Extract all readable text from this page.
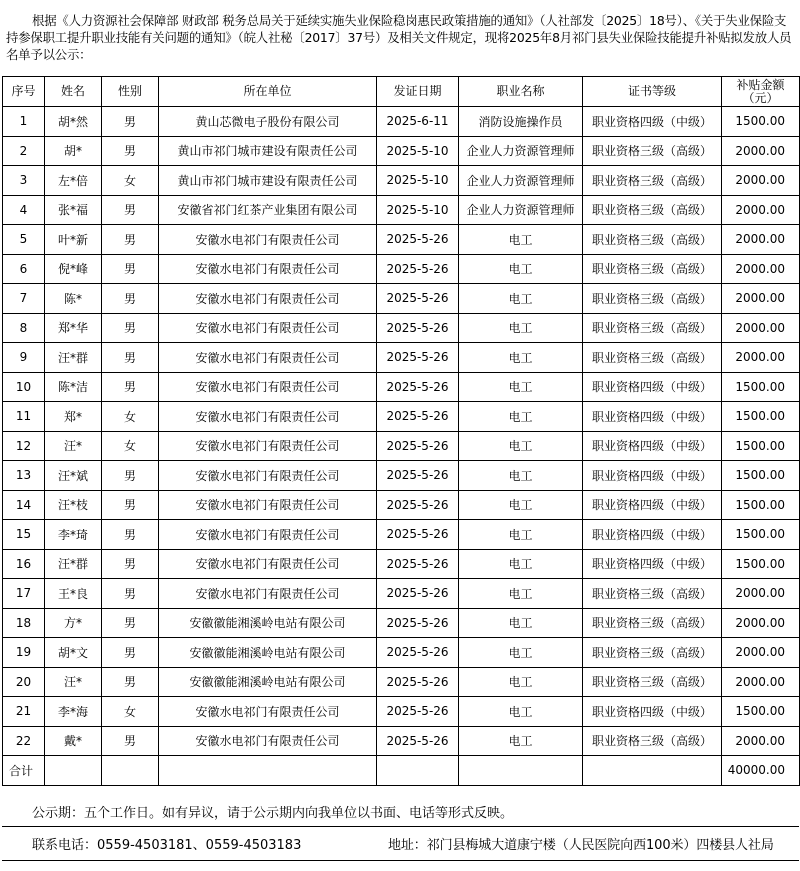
根据《人力资源社会保障部 财政部 税务总局关于延续实施失业保险稳岗惠民政策措施的通知》（人社部发〔2025〕18号）、《关于失业保险支持参保职工提升职业技能有关问题的通知》（皖人社秘〔2017〕37号）及相关文件规定，现将2025年8月祁门县失业保险技能提升补贴拟发放人员名单予以公示：
序号	姓名	性别	所在单位	发证日期	职业名称	证书等级	补贴金额（元）
1	胡*然	男	黄山芯微电子股份有限公司	2025-6-11	消防设施操作员	职业资格四级（中级）	1500.00
2	胡*	男	黄山市祁门城市建设有限责任公司	2025-5-10	企业人力资源管理师	职业资格三级（高级）	2000.00
3	左*倍	女	黄山市祁门城市建设有限责任公司	2025-5-10	企业人力资源管理师	职业资格三级（高级）	2000.00
4	张*福	男	安徽省祁门红茶产业集团有限公司	2025-5-10	企业人力资源管理师	职业资格三级（高级）	2000.00
5	叶*新	男	安徽水电祁门有限责任公司	2025-5-26	电工	职业资格三级（高级）	2000.00
6	倪*峰	男	安徽水电祁门有限责任公司	2025-5-26	电工	职业资格三级（高级）	2000.00
7	陈*	男	安徽水电祁门有限责任公司	2025-5-26	电工	职业资格三级（高级）	2000.00
8	郑*华	男	安徽水电祁门有限责任公司	2025-5-26	电工	职业资格三级（高级）	2000.00
9	汪*群	男	安徽水电祁门有限责任公司	2025-5-26	电工	职业资格三级（高级）	2000.00
10	陈*洁	男	安徽水电祁门有限责任公司	2025-5-26	电工	职业资格四级（中级）	1500.00
11	郑*	女	安徽水电祁门有限责任公司	2025-5-26	电工	职业资格四级（中级）	1500.00
12	汪*	女	安徽水电祁门有限责任公司	2025-5-26	电工	职业资格四级（中级）	1500.00
13	汪*斌	男	安徽水电祁门有限责任公司	2025-5-26	电工	职业资格四级（中级）	1500.00
14	汪*枝	男	安徽水电祁门有限责任公司	2025-5-26	电工	职业资格四级（中级）	1500.00
15	李*琦	男	安徽水电祁门有限责任公司	2025-5-26	电工	职业资格四级（中级）	1500.00
16	汪*群	男	安徽水电祁门有限责任公司	2025-5-26	电工	职业资格四级（中级）	1500.00
17	王*良	男	安徽水电祁门有限责任公司	2025-5-26	电工	职业资格三级（高级）	2000.00
18	方*	男	安徽徽能湘溪岭电站有限公司	2025-5-26	电工	职业资格三级（高级）	2000.00
19	胡*文	男	安徽徽能湘溪岭电站有限公司	2025-5-26	电工	职业资格三级（高级）	2000.00
20	汪*	男	安徽徽能湘溪岭电站有限公司	2025-5-26	电工	职业资格三级（高级）	2000.00
21	李*海	女	安徽水电祁门有限责任公司	2025-5-26	电工	职业资格四级（中级）	1500.00
22	戴*	男	安徽水电祁门有限责任公司	2025-5-26	电工	职业资格三级（高级）	2000.00
合计							40000.00
公示期：五个工作日。如有异议，请于公示期内向我单位以书面、电话等形式反映。
联系电话：0559-4503181、0559-4503183	地址：祁门县梅城大道康宁楼（人民医院向西100米）四楼县人社局
